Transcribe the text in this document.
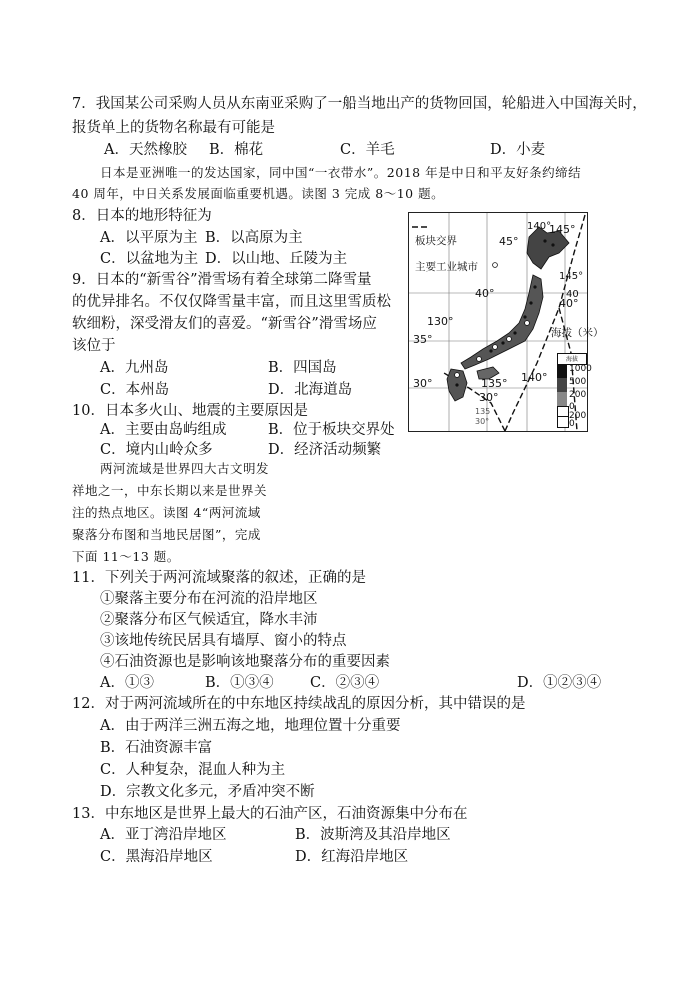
7．我国某公司采购人员从东南亚采购了一船当地出产的货物回国，轮船进入中国海关时，
报货单上的货物名称最有可能是
A．天然橡胶 B．棉花	C．羊毛	D．小麦
日本是亚洲唯一的发达国家，同中国“一衣带水”。2018 年是中日和平友好条约缔结
40 周年，中日关系发展面临重要机遇。读图 3 完成 8～10 题。
8．日本的地形特征为
A．以平原为主 B．以高原为主
C．以盆地为主 D．以山地、丘陵为主
9．日本的“新雪谷”滑雪场有着全球第二降雪量
的优异排名。不仅仅降雪量丰富，而且这里雪质松
软细粉，深受滑友们的喜爱。“新雪谷”滑雪场应
该位于
A．九州岛	B．四国岛
C．本州岛	D．北海道岛
10．日本多火山、地震的主要原因是
A．主要由岛屿组成	B．位于板块交界处
C．境内山岭众多	D．经济活动频繁
两河流域是世界四大古文明发
祥地之一，中东长期以来是世界关
注的热点地区。读图 4“两河流域
聚落分布图和当地民居图”，完成
下面 11～13 题。
11．下列关于两河流域聚落的叙述，正确的是
①聚落主要分布在河流的沿岸地区
②聚落分布区气候适宜，降水丰沛
③该地传统民居具有墙厚、窗小的特点
④石油资源也是影响该地聚落分布的重要因素
A．①③	B．①③④	C．②③④	D．①②③④
12．对于两河流域所在的中东地区持续战乱的原因分析，其中错误的是
A．由于两洋三洲五海之地，地理位置十分重要
B．石油资源丰富
C．人种复杂，混血人种为主
D．宗教文化多元，矛盾冲突不断
13．中东地区是世界上最大的石油产区，石油资源集中分布在
A．亚丁湾沿岸地区	B．波斯湾及其沿岸地区
C．黑海沿岸地区	D．红海沿岸地区
板块交界
主要工业城市
140°
145°
45°
145°
40
40°
40°
130°
海拔（米）
35°
135° 140°
30°
30°
135
30°
海拔
1000
500
200
0
200
0
